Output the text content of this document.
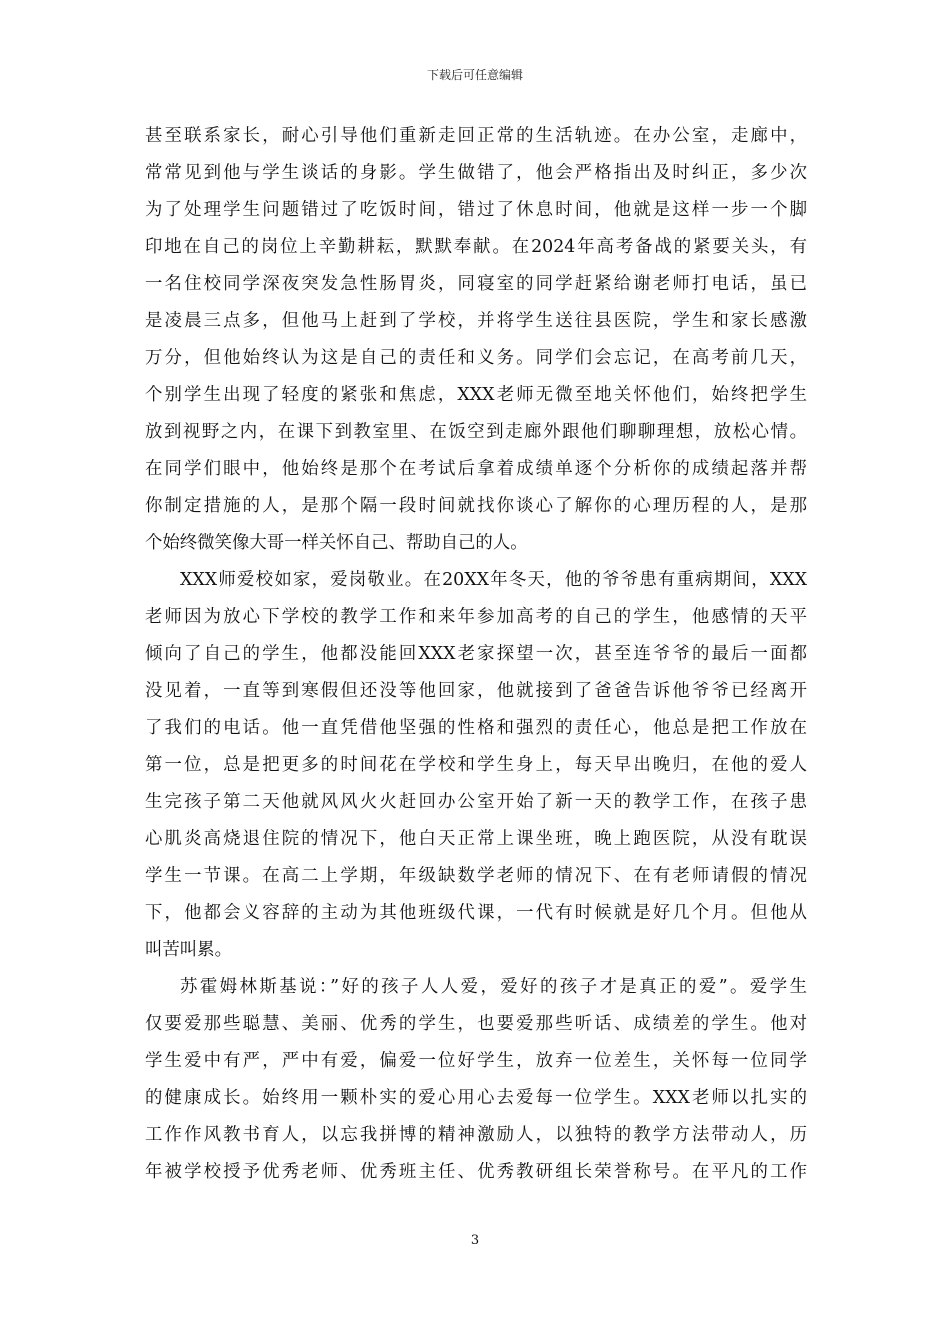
下载后可任意编辑
甚至联系家长，耐心引导他们重新走回正常的生活轨迹。在办公室，走廊中，
常常见到他与学生谈话的身影。学生做错了，他会严格指出及时纠正，多少次
为了处理学生问题错过了吃饭时间，错过了休息时间，他就是这样一步一个脚
印地在自己的岗位上辛勤耕耘，默默奉献。在2024年高考备战的紧要关头，有
一名住校同学深夜突发急性肠胃炎，同寝室的同学赶紧给谢老师打电话，虽已
是凌晨三点多，但他马上赶到了学校，并将学生送往县医院，学生和家长感激
万分，但他始终认为这是自己的责任和义务。同学们会忘记，在高考前几天，
个别学生出现了轻度的紧张和焦虑，XXX老师无微至地关怀他们，始终把学生
放到视野之内，在课下到教室里、在饭空到走廊外跟他们聊聊理想，放松心情。
在同学们眼中，他始终是那个在考试后拿着成绩单逐个分析你的成绩起落并帮
你制定措施的人，是那个隔一段时间就找你谈心了解你的心理历程的人，是那
个始终微笑像大哥一样关怀自己、帮助自己的人。
XXX师爱校如家，爱岗敬业。在20XX年冬天，他的爷爷患有重病期间，XXX
老师因为放心下学校的教学工作和来年参加高考的自己的学生，他感情的天平
倾向了自己的学生，他都没能回XXX老家探望一次，甚至连爷爷的最后一面都
没见着，一直等到寒假但还没等他回家，他就接到了爸爸告诉他爷爷已经离开
了我们的电话。他一直凭借他坚强的性格和强烈的责任心，他总是把工作放在
第一位，总是把更多的时间花在学校和学生身上，每天早出晚归，在他的爱人
生完孩子第二天他就风风火火赶回办公室开始了新一天的教学工作，在孩子患
心肌炎高烧退住院的情况下，他白天正常上课坐班，晚上跑医院，从没有耽误
学生一节课。在高二上学期，年级缺数学老师的情况下、在有老师请假的情况
下，他都会义容辞的主动为其他班级代课，一代有时候就是好几个月。但他从
叫苦叫累。
苏霍姆林斯基说：”好的孩子人人爱，爱好的孩子才是真正的爱”。爱学生
仅要爱那些聪慧、美丽、优秀的学生，也要爱那些听话、成绩差的学生。他对
学生爱中有严，严中有爱，偏爱一位好学生，放弃一位差生，关怀每一位同学
的健康成长。始终用一颗朴实的爱心用心去爱每一位学生。XXX老师以扎实的
工作作风教书育人，以忘我拼博的精神激励人，以独特的教学方法带动人，历
年被学校授予优秀老师、优秀班主任、优秀教研组长荣誉称号。在平凡的工作
3
